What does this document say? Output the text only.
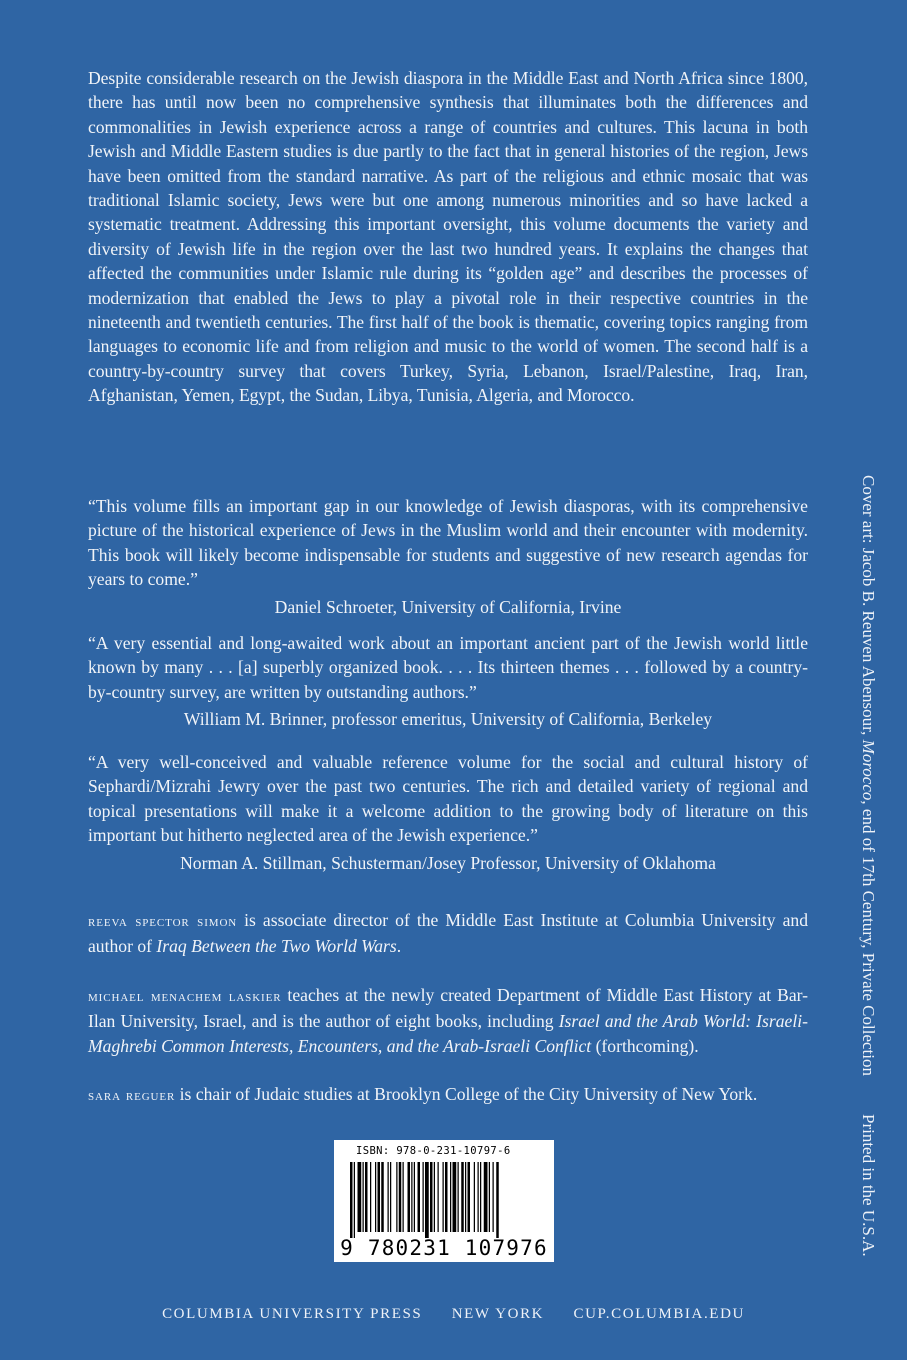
Despite considerable research on the Jewish diaspora in the Middle East and North Africa since 1800, there has until now been no comprehensive synthesis that illuminates both the differences and commonalities in Jewish experience across a range of countries and cultures. This lacuna in both Jewish and Middle Eastern studies is due partly to the fact that in general histories of the region, Jews have been omitted from the standard narrative. As part of the religious and ethnic mosaic that was traditional Islamic society, Jews were but one among numerous minorities and so have lacked a systematic treatment. Addressing this important oversight, this volume documents the variety and diversity of Jewish life in the region over the last two hundred years. It explains the changes that affected the communities under Islamic rule during its “golden age” and describes the processes of modernization that enabled the Jews to play a pivotal role in their respective countries in the nineteenth and twentieth centuries. The first half of the book is thematic, covering topics ranging from languages to economic life and from religion and music to the world of women. The second half is a country-by-country survey that covers Turkey, Syria, Lebanon, Israel/Palestine, Iraq, Iran, Afghanistan, Yemen, Egypt, the Sudan, Libya, Tunisia, Algeria, and Morocco.

“This volume fills an important gap in our knowledge of Jewish diasporas, with its comprehensive picture of the historical experience of Jews in the Muslim world and their encounter with modernity. This book will likely become indispensable for students and suggestive of new research agendas for years to come.”

Daniel Schroeter, University of California, Irvine

“A very essential and long-awaited work about an important ancient part of the Jewish world little known by many . . . [a] superbly organized book. . . . Its thirteen themes . . . followed by a country-by-country survey, are written by outstanding authors.”

William M. Brinner, professor emeritus, University of California, Berkeley

“A very well-conceived and valuable reference volume for the social and cultural history of Sephardi/Mizrahi Jewry over the past two centuries. The rich and detailed variety of regional and topical presentations will make it a welcome addition to the growing body of literature on this important but hitherto neglected area of the Jewish experience.”

Norman A. Stillman, Schusterman/Josey Professor, University of Oklahoma

reeva spector simon is associate director of the Middle East Institute at Columbia University and author of Iraq Between the Two World Wars.

michael menachem laskier teaches at the newly created Department of Middle East History at Bar-Ilan University, Israel, and is the author of eight books, including Israel and the Arab World: Israeli-Maghrebi Common Interests, Encounters, and the Arab-Israeli Conflict (forthcoming).

sara reguer is chair of Judaic studies at Brooklyn College of the City University of New York.

Cover art: Jacob B. Reuven Abensour, Morocco, end of 17th Century, Private CollectionPrinted in the U.S.A.
ISBN: 978-0-231-10797-6
9 780231 107976
COLUMBIA UNIVERSITY PRESS NEW YORK CUP.COLUMBIA.EDU
